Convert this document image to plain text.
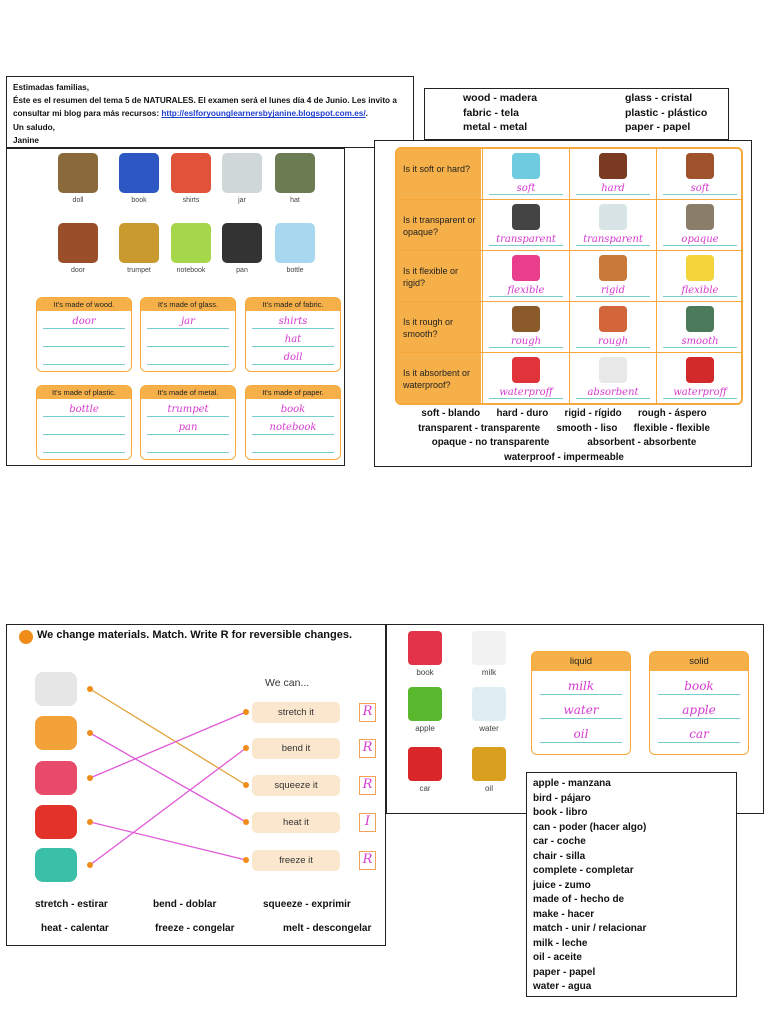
Estimadas familias,
Éste es el resumen del tema 5 de NATURALES. El examen será el lunes día 4 de Junio. Les invito a
consultar mi blog para más recursos: http://eslforyounglearnersbyjanine.blogspot.com.es/.
Un saludo,
Janine
doll	book	shirts	jar	hat
door	trumpet	notebook	pan	bottle
It's made of wood.
door
It's made of glass.
jar
It's made of fabric.
shirts
hat
doll
It's made of plastic.
bottle
It's made of metal.
trumpet
pan
It's made of paper.
book
notebook
wood - madera	glass - cristal
fabric - tela	plastic - plástico
metal - metal	paper - papel
Is it soft or hard?
soft	hard	soft
Is it transparent or opaque?
transparent	transparent	opaque
Is it flexible or rigid?
flexible	rigid	flexible
Is it rough or smooth?
rough	rough	smooth
Is it absorbent or waterproof?
waterproff	absorbent	waterproff
soft - blando      hard - duro      rigid - rígido      rough - áspero
transparent - transparente      smooth - liso      flexible - flexible
opaque - no transparente              absorbent - absorbente
waterproof - impermeable
We change materials. Match. Write R for reversible changes.
We can...
stretch it	R
bend it	R
squeeze it	R
heat it	I
freeze it	R
stretch - estirar	bend - doblar	squeeze - exprimir
heat - calentar	freeze - congelar	melt - descongelar
book	milk
apple	water
car	oil
liquid
milk
water
oil
solid
book
apple
car
apple - manzana
bird - pájaro
book - libro
can - poder (hacer algo)
car - coche
chair - silla
complete - completar
juice - zumo
made of - hecho de
make - hacer
match - unir / relacionar
milk - leche
oil - aceite
paper - papel
water - agua
